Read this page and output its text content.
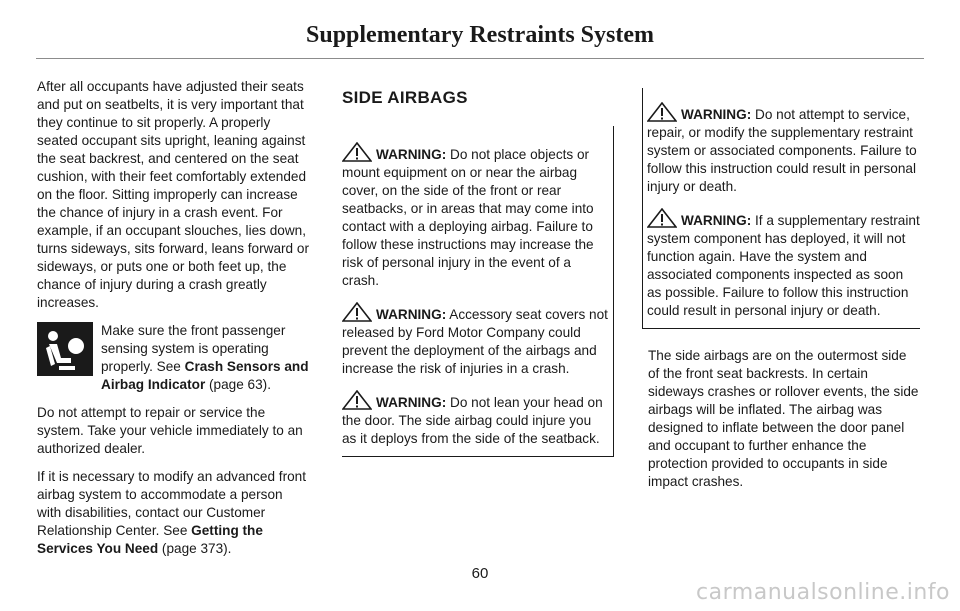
Supplementary Restraints System

After all occupants have adjusted their seats and put on seatbelts, it is very important that they continue to sit properly. A properly seated occupant sits upright, leaning against the seat backrest, and centered on the seat cushion, with their feet comfortably extended on the floor. Sitting improperly can increase the chance of injury in a crash event. For example, if an occupant slouches, lies down, turns sideways, sits forward, leans forward or sideways, or puts one or both feet up, the chance of injury during a crash greatly increases.

Make sure the front passenger sensing system is operating properly. See Crash Sensors and Airbag Indicator (page 63).

Do not attempt to repair or service the system. Take your vehicle immediately to an authorized dealer.

If it is necessary to modify an advanced front airbag system to accommodate a person with disabilities, contact our Customer Relationship Center. See Getting the Services You Need (page 373).

SIDE AIRBAGS

WARNING: Do not place objects or mount equipment on or near the airbag cover, on the side of the front or rear seatbacks, or in areas that may come into contact with a deploying airbag. Failure to follow these instructions may increase the risk of personal injury in the event of a crash.

WARNING: Accessory seat covers not released by Ford Motor Company could prevent the deployment of the airbags and increase the risk of injuries in a crash.

WARNING: Do not lean your head on the door. The side airbag could injure you as it deploys from the side of the seatback.

WARNING: Do not attempt to service, repair, or modify the supplementary restraint system or associated components. Failure to follow this instruction could result in personal injury or death.

WARNING: If a supplementary restraint system component has deployed, it will not function again. Have the system and associated components inspected as soon as possible. Failure to follow this instruction could result in personal injury or death.

The side airbags are on the outermost side of the front seat backrests. In certain sideways crashes or rollover events, the side airbags will be inflated. The airbag was designed to inflate between the door panel and occupant to further enhance the protection provided to occupants in side impact crashes.

60
carmanualsonline.info
